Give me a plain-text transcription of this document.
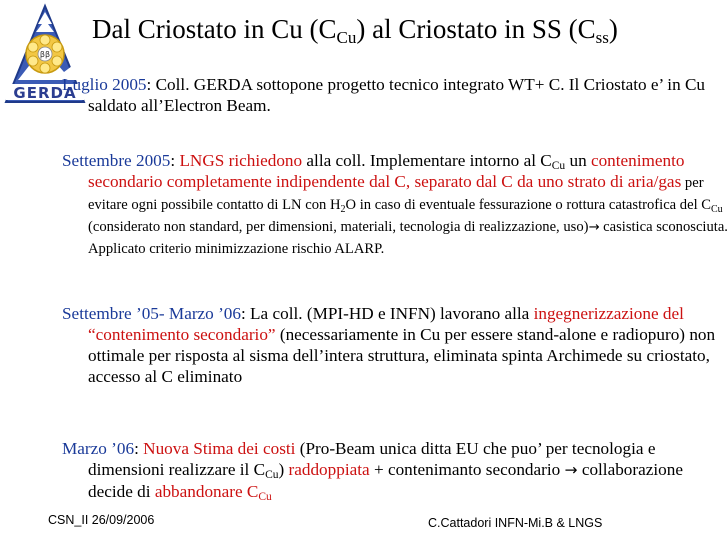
ββ
GERDA
Dal Criostato in Cu $(C_{Cu})$ al Criostato in SS $(C_{ss})$
Luglio 2005: Coll. GERDA sottopone progetto tecnico integrato WT+ C. Il Criostato e’ in Cu saldato all’Electron Beam.
Settembre 2005: LNGS richiedono alla coll. Implementare intorno al $C_{Cu}$ un contenimento secondario completamente indipendente dal C, separato dal C da uno strato di aria/gas per evitare ogni possibile contatto di LN con $H_2O$ in caso di eventuale fessurazione o rottura catastrofica del $C_{Cu}$ (considerato non standard, per dimensioni, materiali, tecnologia di realizzazione, uso)→ casistica sconosciuta. Applicato criterio minimizzazione rischio ALARP.
Settembre ’05- Marzo ’06: La coll. (MPI-HD e INFN) lavorano alla ingegnerizzazione del “contenimento secondario” (necessariamente in Cu per essere stand-alone e radiopuro) non ottimale per risposta al sisma dell’intera struttura, eliminata spinta Archimede su criostato, accesso al C eliminato
Marzo ’06: Nuova Stima dei costi (Pro-Beam unica ditta EU che puo’ per tecnologia e dimensioni realizzare il $C_{Cu}$) raddoppiata + contenimanto secondario → collaborazione decide di abbandonare $C_{Cu}$
CSN_II 26/09/2006	C.Cattadori INFN-Mi.B & LNGS
